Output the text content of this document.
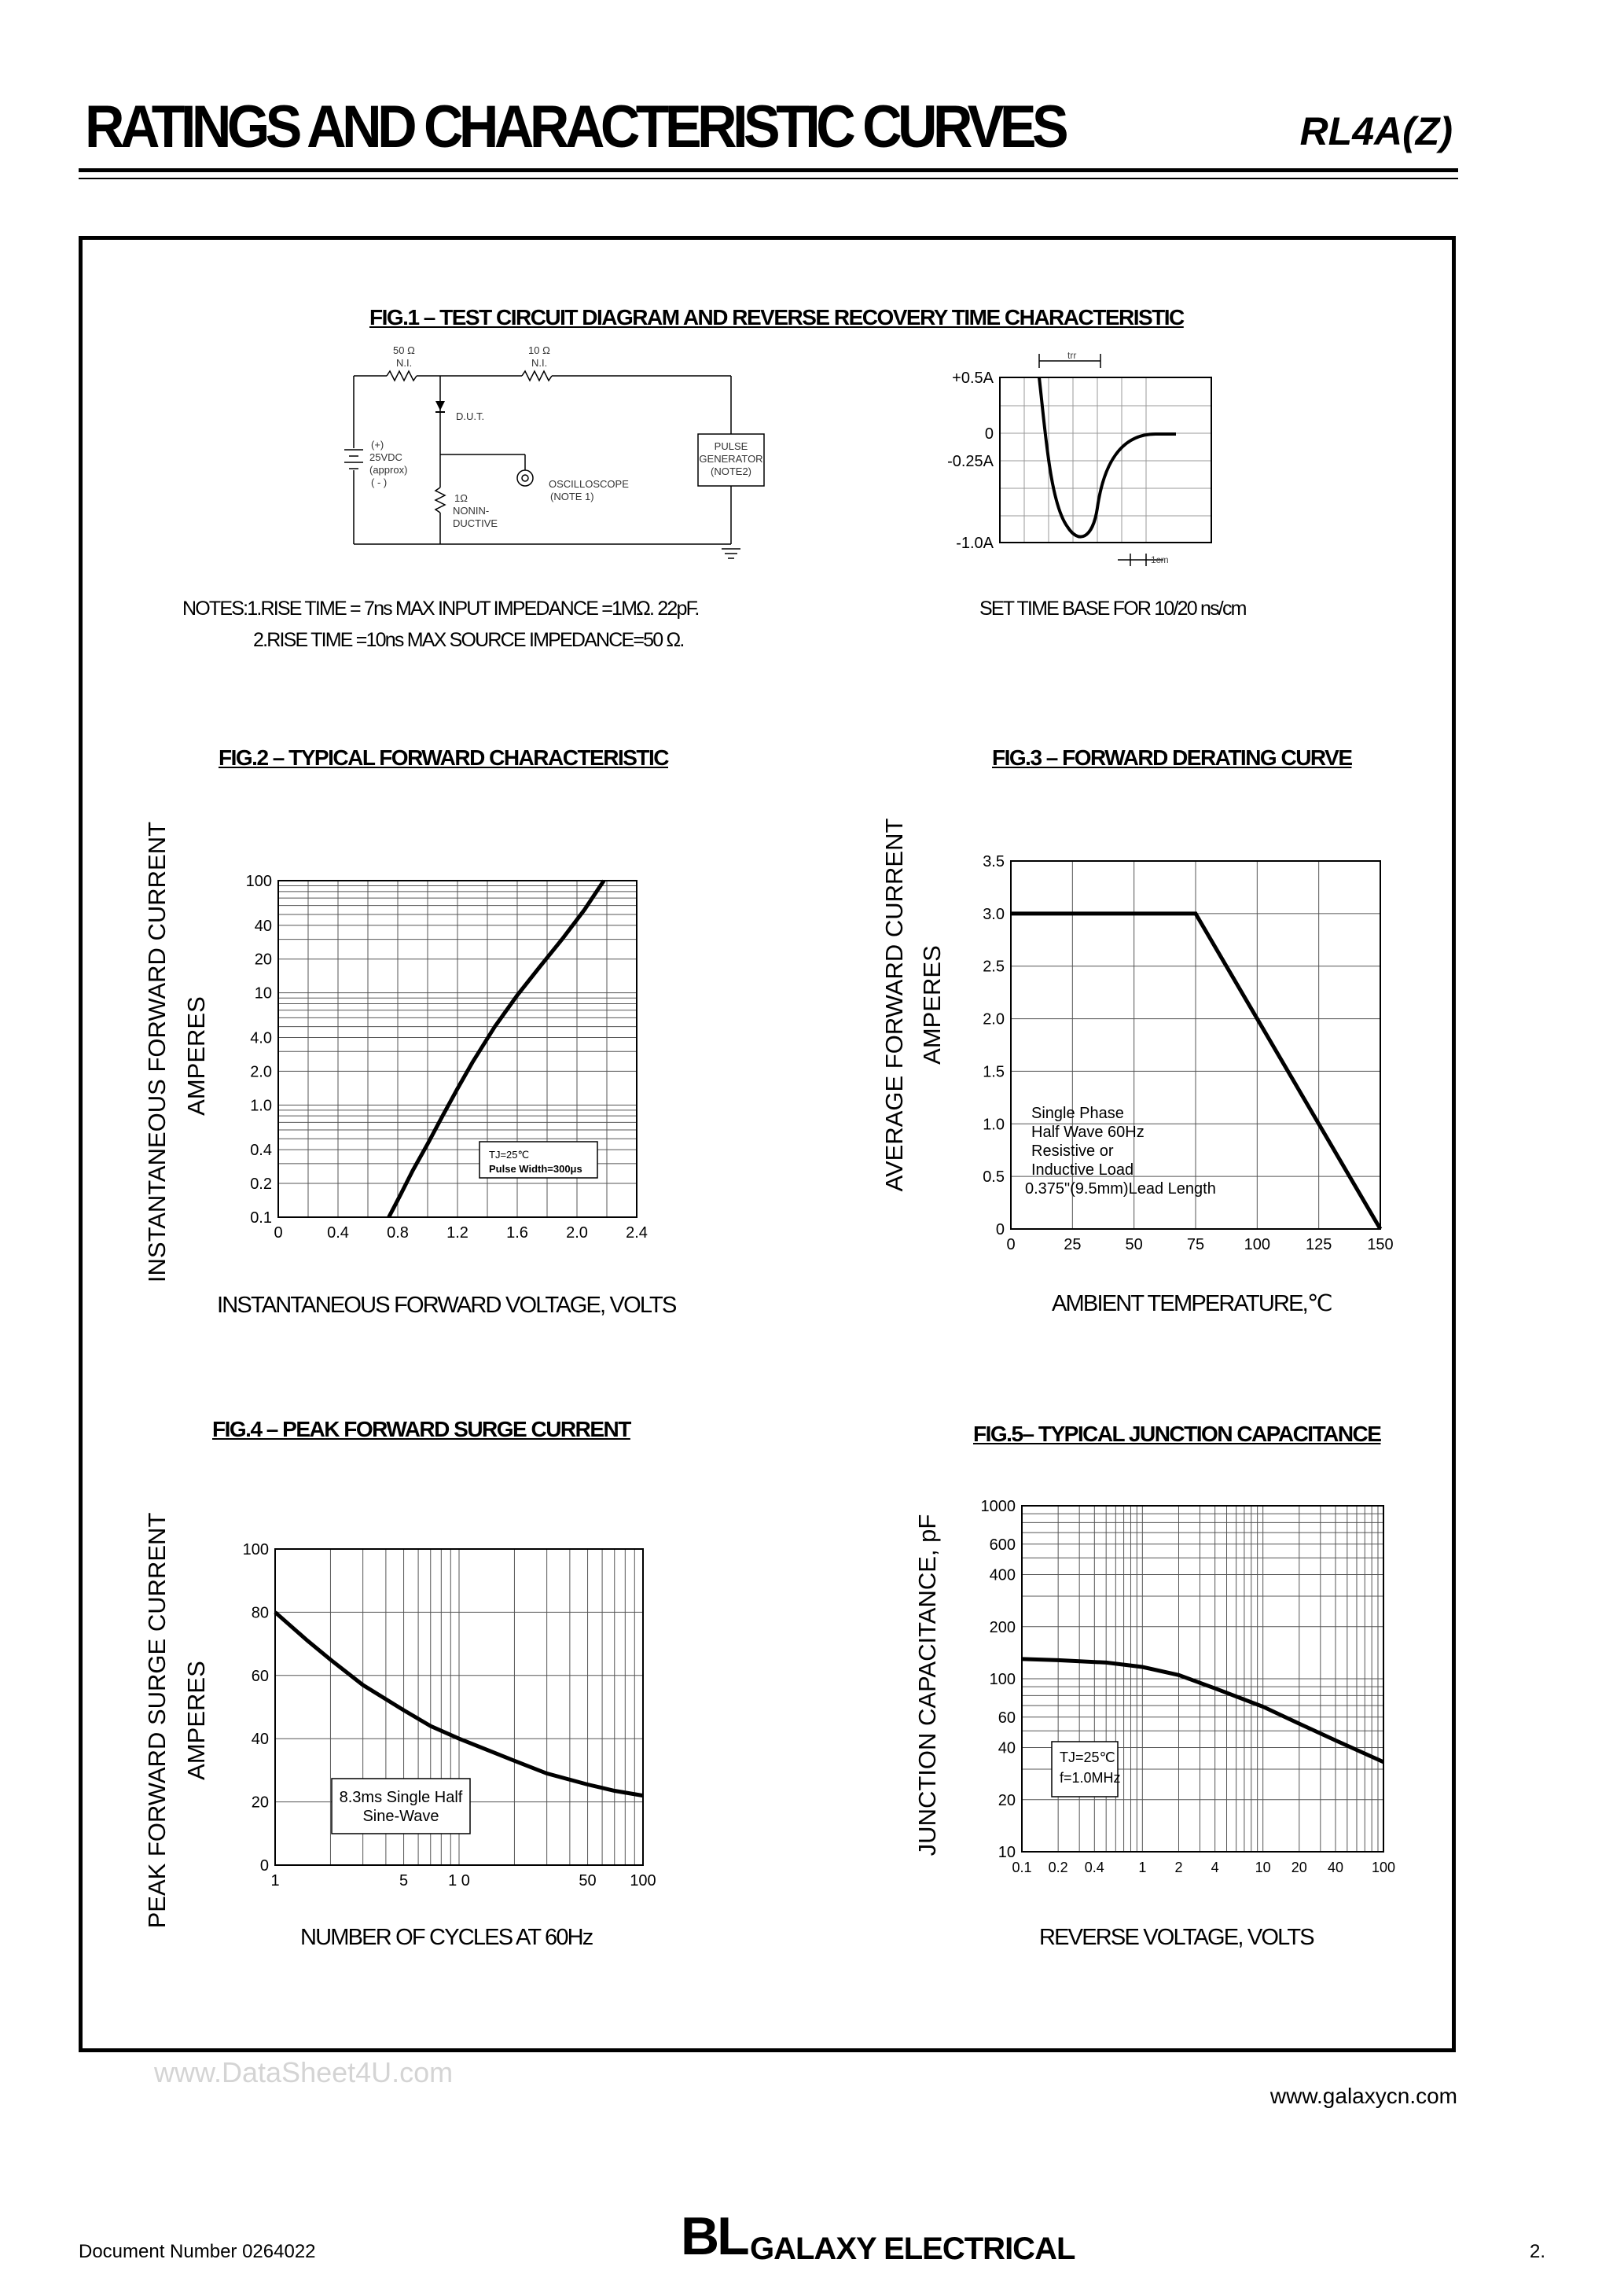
RATINGS AND CHARACTERISTIC CURVES	RL4A(Z)
FIG.1 – TEST CIRCUIT DIAGRAM AND REVERSE RECOVERY TIME CHARACTERISTIC
50 Ω
N.I.
10 Ω
N.I.
D.U.T.
(+)
25VDC
(approx)
( - )
1Ω
NONIN-
DUCTIVE
OSCILLOSCOPE
(NOTE 1)
PULSE
GENERATOR
(NOTE2)
trr
1cm
+0.5A
0
-0.25A
-1.0A
NOTES:1.RISE TIME = 7ns MAX INPUT IMPEDANCE =1MΩ. 22pF.
2.RISE TIME =10ns MAX SOURCE IMPEDANCE=50 Ω.
SET TIME BASE FOR 10/20 ns/cm
FIG.2 – TYPICAL FORWARD CHARACTERISTIC
INSTANTANEOUS FORWARD CURRENT AMPERES
0	0.4 0.8 1.2 1.6 2.0 2.4
0.1
0.2
0.4
1.0
2.0
4.0
10
20
40
100
TJ=25℃
Pulse Width=300μs
INSTANTANEOUS FORWARD VOLTAGE, VOLTS
FIG.3 – FORWARD DERATING CURVE
AVERAGE FORWARD CURRENT AMPERES
0	25	50	75	100 125 150
0
0.5
1.0
1.5
2.0
2.5
3.0
3.5
Single Phase
Half Wave 60Hz
Resistive or
Inductive Load
0.375"(9.5mm)Lead Length
AMBIENT TEMPERATURE,℃
FIG.4 – PEAK FORWARD SURGE CURRENT
PEAK FORWARD SURGE CURRENT AMPERES
1	5	1 0	50 100
0
20
40
60
80
100
8.3ms Single Half
Sine-Wave
NUMBER OF CYCLES AT 60Hz
FIG.5– TYPICAL JUNCTION CAPACITANCE
JUNCTION CAPACITANCE, pF
0.1 0.2 0.4 1 2 4	10 20 40 100
10
20
40
60
100
200
400
600
1000
TJ=25℃
f=1.0MHz
REVERSE VOLTAGE, VOLTS
www.DataSheet4U.com
www.galaxycn.com
Document Number 0264022	BL GALAXY ELECTRICAL	2.
